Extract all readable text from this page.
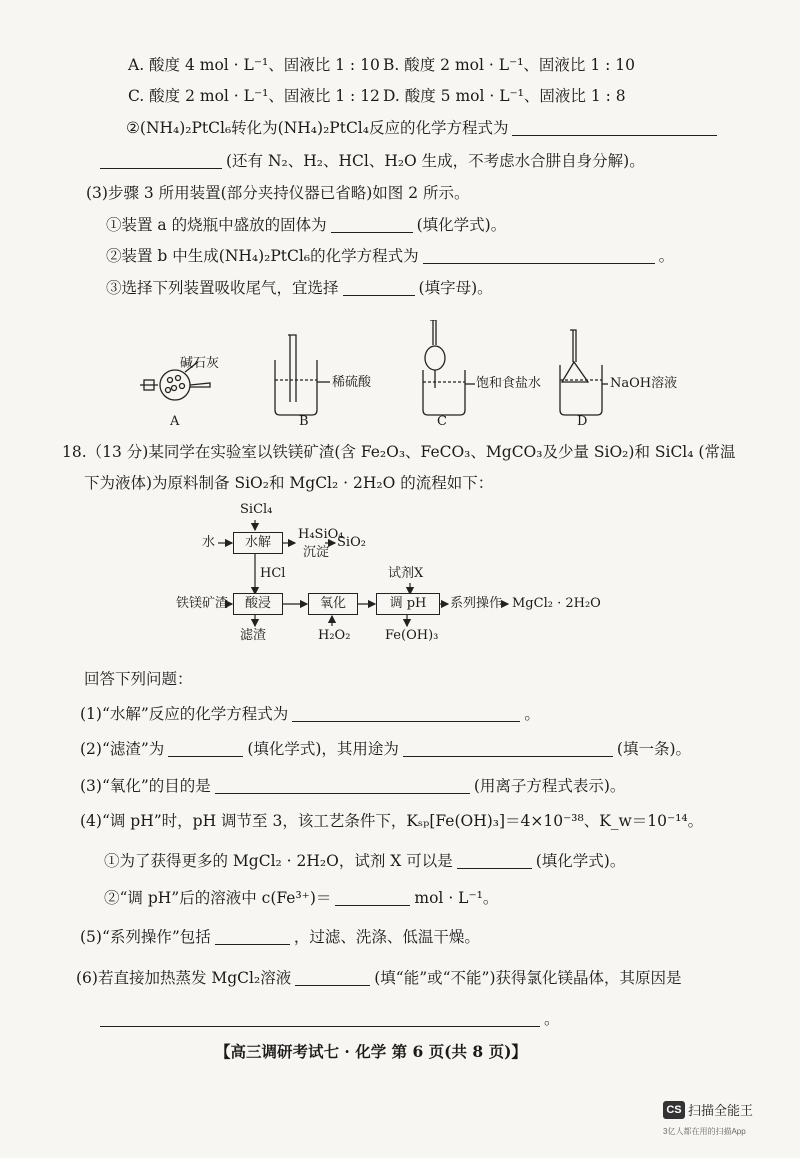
A. 酸度 4 mol · L⁻¹、固液比 1 : 10 B. 酸度 2 mol · L⁻¹、固液比 1 : 10
C. 酸度 2 mol · L⁻¹、固液比 1 : 12 D. 酸度 5 mol · L⁻¹、固液比 1 : 8
②(NH₄)₂PtCl₆转化为(NH₄)₂PtCl₄反应的化学方程式为
(还有 N₂、H₂、HCl、H₂O 生成，不考虑水合肼自身分解)。
(3)步骤 3 所用装置(部分夹持仪器已省略)如图 2 所示。
①装置 a 的烧瓶中盛放的固体为	(填化学式)。
②装置 b 中生成(NH₄)₂PtCl₆的化学方程式为	。
③选择下列装置吸收尾气，宜选择	(填字母)。
碱石灰
稀硫酸	饱和食盐水	NaOH溶液
A	B	C	D
18.（13 分)某同学在实验室以铁镁矿渣(含 Fe₂O₃、FeCO₃、MgCO₃及少量 SiO₂)和 SiCl₄ (常温
下为液体)为原料制备 SiO₂和 MgCl₂ · 2H₂O 的流程如下：
SiCl₄
水	水解
H₄SiO₄
沉淀
SiO₂
HCl	试剂X
铁镁矿渣	酸浸	氧化	调 pH	系列操作 MgCl₂ · 2H₂O
滤渣	H₂O₂	Fe(OH)₃
回答下列问题：
(1)“水解”反应的化学方程式为	。
(2)“滤渣”为	(填化学式)，其用途为	(填一条)。
(3)“氧化”的目的是	(用离子方程式表示)。
(4)“调 pH”时，pH 调节至 3，该工艺条件下，Kₛₚ[Fe(OH)₃]＝4×10⁻³⁸、K_w＝10⁻¹⁴。
①为了获得更多的 MgCl₂ · 2H₂O，试剂 X 可以是	(填化学式)。
②“调 pH”后的溶液中 c(Fe³⁺)＝	mol · L⁻¹。
(5)“系列操作”包括	，过滤、洗涤、低温干燥。
(6)若直接加热蒸发 MgCl₂溶液	(填“能”或“不能”)获得氯化镁晶体，其原因是
。
【高三调研考试七 · 化学 第 6 页(共 8 页)】
CS 扫描全能王
3亿人都在用的扫描App
